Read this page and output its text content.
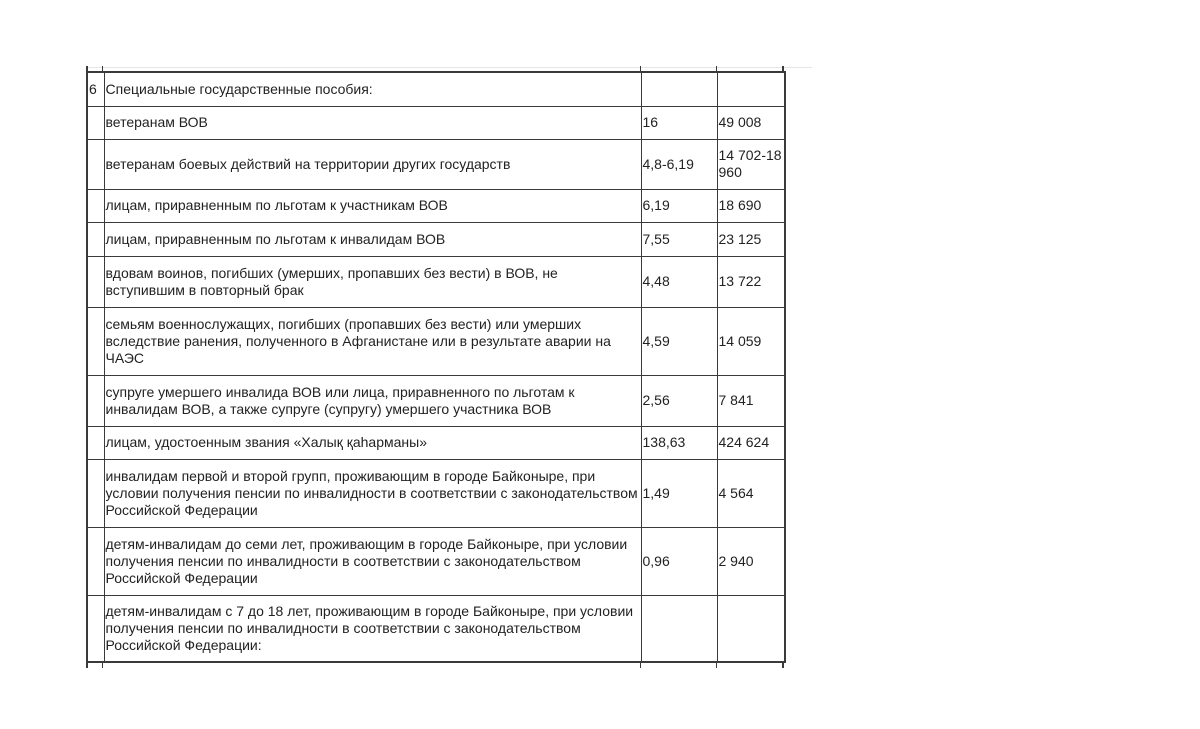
6	Специальные государственные пособия:		
	ветеранам ВОВ	16	49 008
	ветеранам боевых действий на территории других государств	4,8-6,19	14 702-18 960
	лицам, приравненным по льготам к участникам ВОВ	6,19	18 690
	лицам, приравненным по льготам к инвалидам ВОВ	7,55	23 125
	вдовам воинов, погибших (умерших, пропавших без вести) в ВОВ, не вступившим в повторный брак	4,48	13 722
	семьям военнослужащих, погибших (пропавших без вести) или умерших вследствие ранения, полученного в Афганистане или в результате аварии на ЧАЭС	4,59	14 059
	супруге умершего инвалида ВОВ или лица, приравненного по льготам к инвалидам ВОВ, а также супруге (супругу) умершего участника ВОВ	2,56	7 841
	лицам, удостоенным звания «Халық қаһарманы»	138,63	424 624
	инвалидам первой и второй групп, проживающим в городе Байконыре, при условии получения пенсии по инвалидности в соответствии с законодательством Российской Федерации	1,49	4 564
	детям-инвалидам до семи лет, проживающим в городе Байконыре, при условии получения пенсии по инвалидности в соответствии с законодательством Российской Федерации	0,96	2 940
	детям-инвалидам с 7 до 18 лет, проживающим в городе Байконыре, при условии получения пенсии по инвалидности в соответствии с законодательством Российской Федерации:		
